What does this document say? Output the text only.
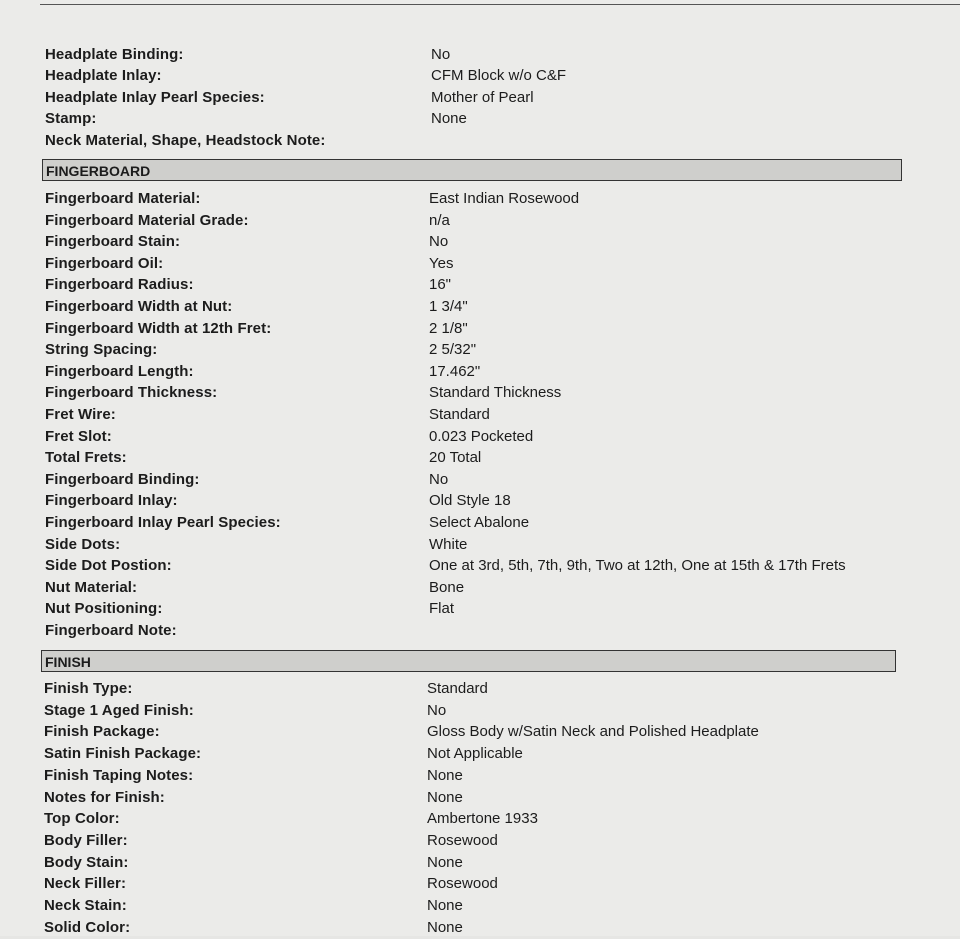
Headplate Binding:	No
Headplate Inlay:	CFM Block w/o C&F
Headplate Inlay Pearl Species:	Mother of Pearl
Stamp:	None
Neck Material, Shape, Headstock Note:
FINGERBOARD
Fingerboard Material:	East Indian Rosewood
Fingerboard Material Grade:	n/a
Fingerboard Stain:	No
Fingerboard Oil:	Yes
Fingerboard Radius:	16"
Fingerboard Width at Nut:	1 3/4"
Fingerboard Width at 12th Fret:	2 1/8"
String Spacing:	2 5/32"
Fingerboard Length:	17.462"
Fingerboard Thickness:	Standard Thickness
Fret Wire:	Standard
Fret Slot:	0.023 Pocketed
Total Frets:	20 Total
Fingerboard Binding:	No
Fingerboard Inlay:	Old Style 18
Fingerboard Inlay Pearl Species:	Select Abalone
Side Dots:	White
Side Dot Postion:	One at 3rd, 5th, 7th, 9th, Two at 12th, One at 15th & 17th Frets
Nut Material:	Bone
Nut Positioning:	Flat
Fingerboard Note:
FINISH
Finish Type:	Standard
Stage 1 Aged Finish:	No
Finish Package:	Gloss Body w/Satin Neck and Polished Headplate
Satin Finish Package:	Not Applicable
Finish Taping Notes:	None
Notes for Finish:	None
Top Color:	Ambertone 1933
Body Filler:	Rosewood
Body Stain:	None
Neck Filler:	Rosewood
Neck Stain:	None
Solid Color:	None
